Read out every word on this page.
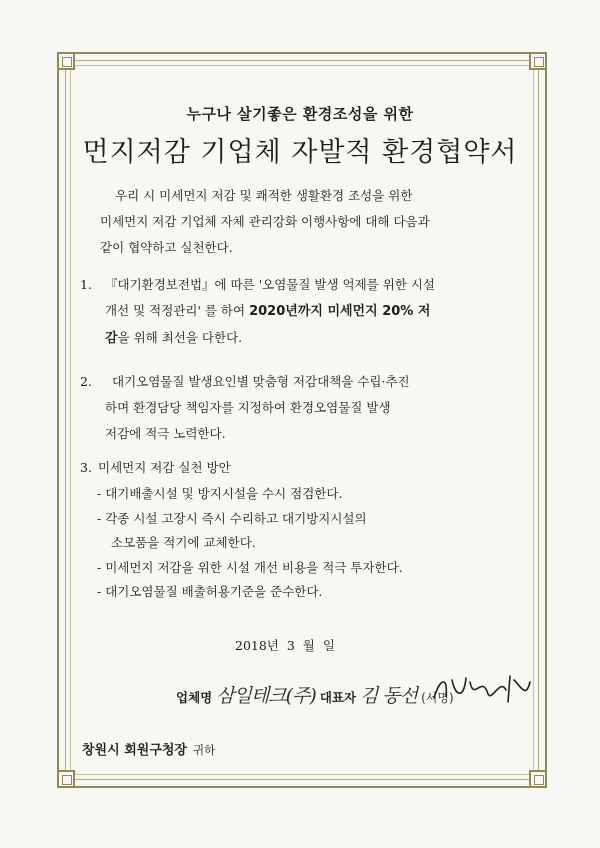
누구나 살기좋은 환경조성을 위한
먼지저감 기업체 자발적 환경협약서
우리 시 미세먼지 저감 및 쾌적한 생활환경 조성을 위한
미세먼지 저감 기업체 자체 관리강화 이행사항에 대해 다음과
같이 협약하고 실천한다.
1. 『대기환경보전법』에 따른 '오염물질 발생 억제를 위한 시설
개선 및 적정관리' 를 하여 2020년까지 미세먼지 20% 저
감을 위해 최선을 다한다.
2.	대기오염물질 발생요인별 맞춤형 저감대책을 수립·추진
하며 환경담당 책임자를 지정하여 환경오염물질 발생
저감에 적극 노력한다.
3. 미세먼지 저감 실천 방안
- 대기배출시설 및 방지시설을 수시 점검한다.
- 각종 시설 고장시 즉시 수리하고 대기방지시설의
소모품을 적기에 교체한다.
- 미세먼지 저감을 위한 시설 개선 비용을 적극 투자한다.
- 대기오염물질 배출허용기준을 준수한다.
2018년 3 월 일
업체명 삼일테크(주) 대표자 김 동선 (서명)
창원시 회원구청장 귀하
